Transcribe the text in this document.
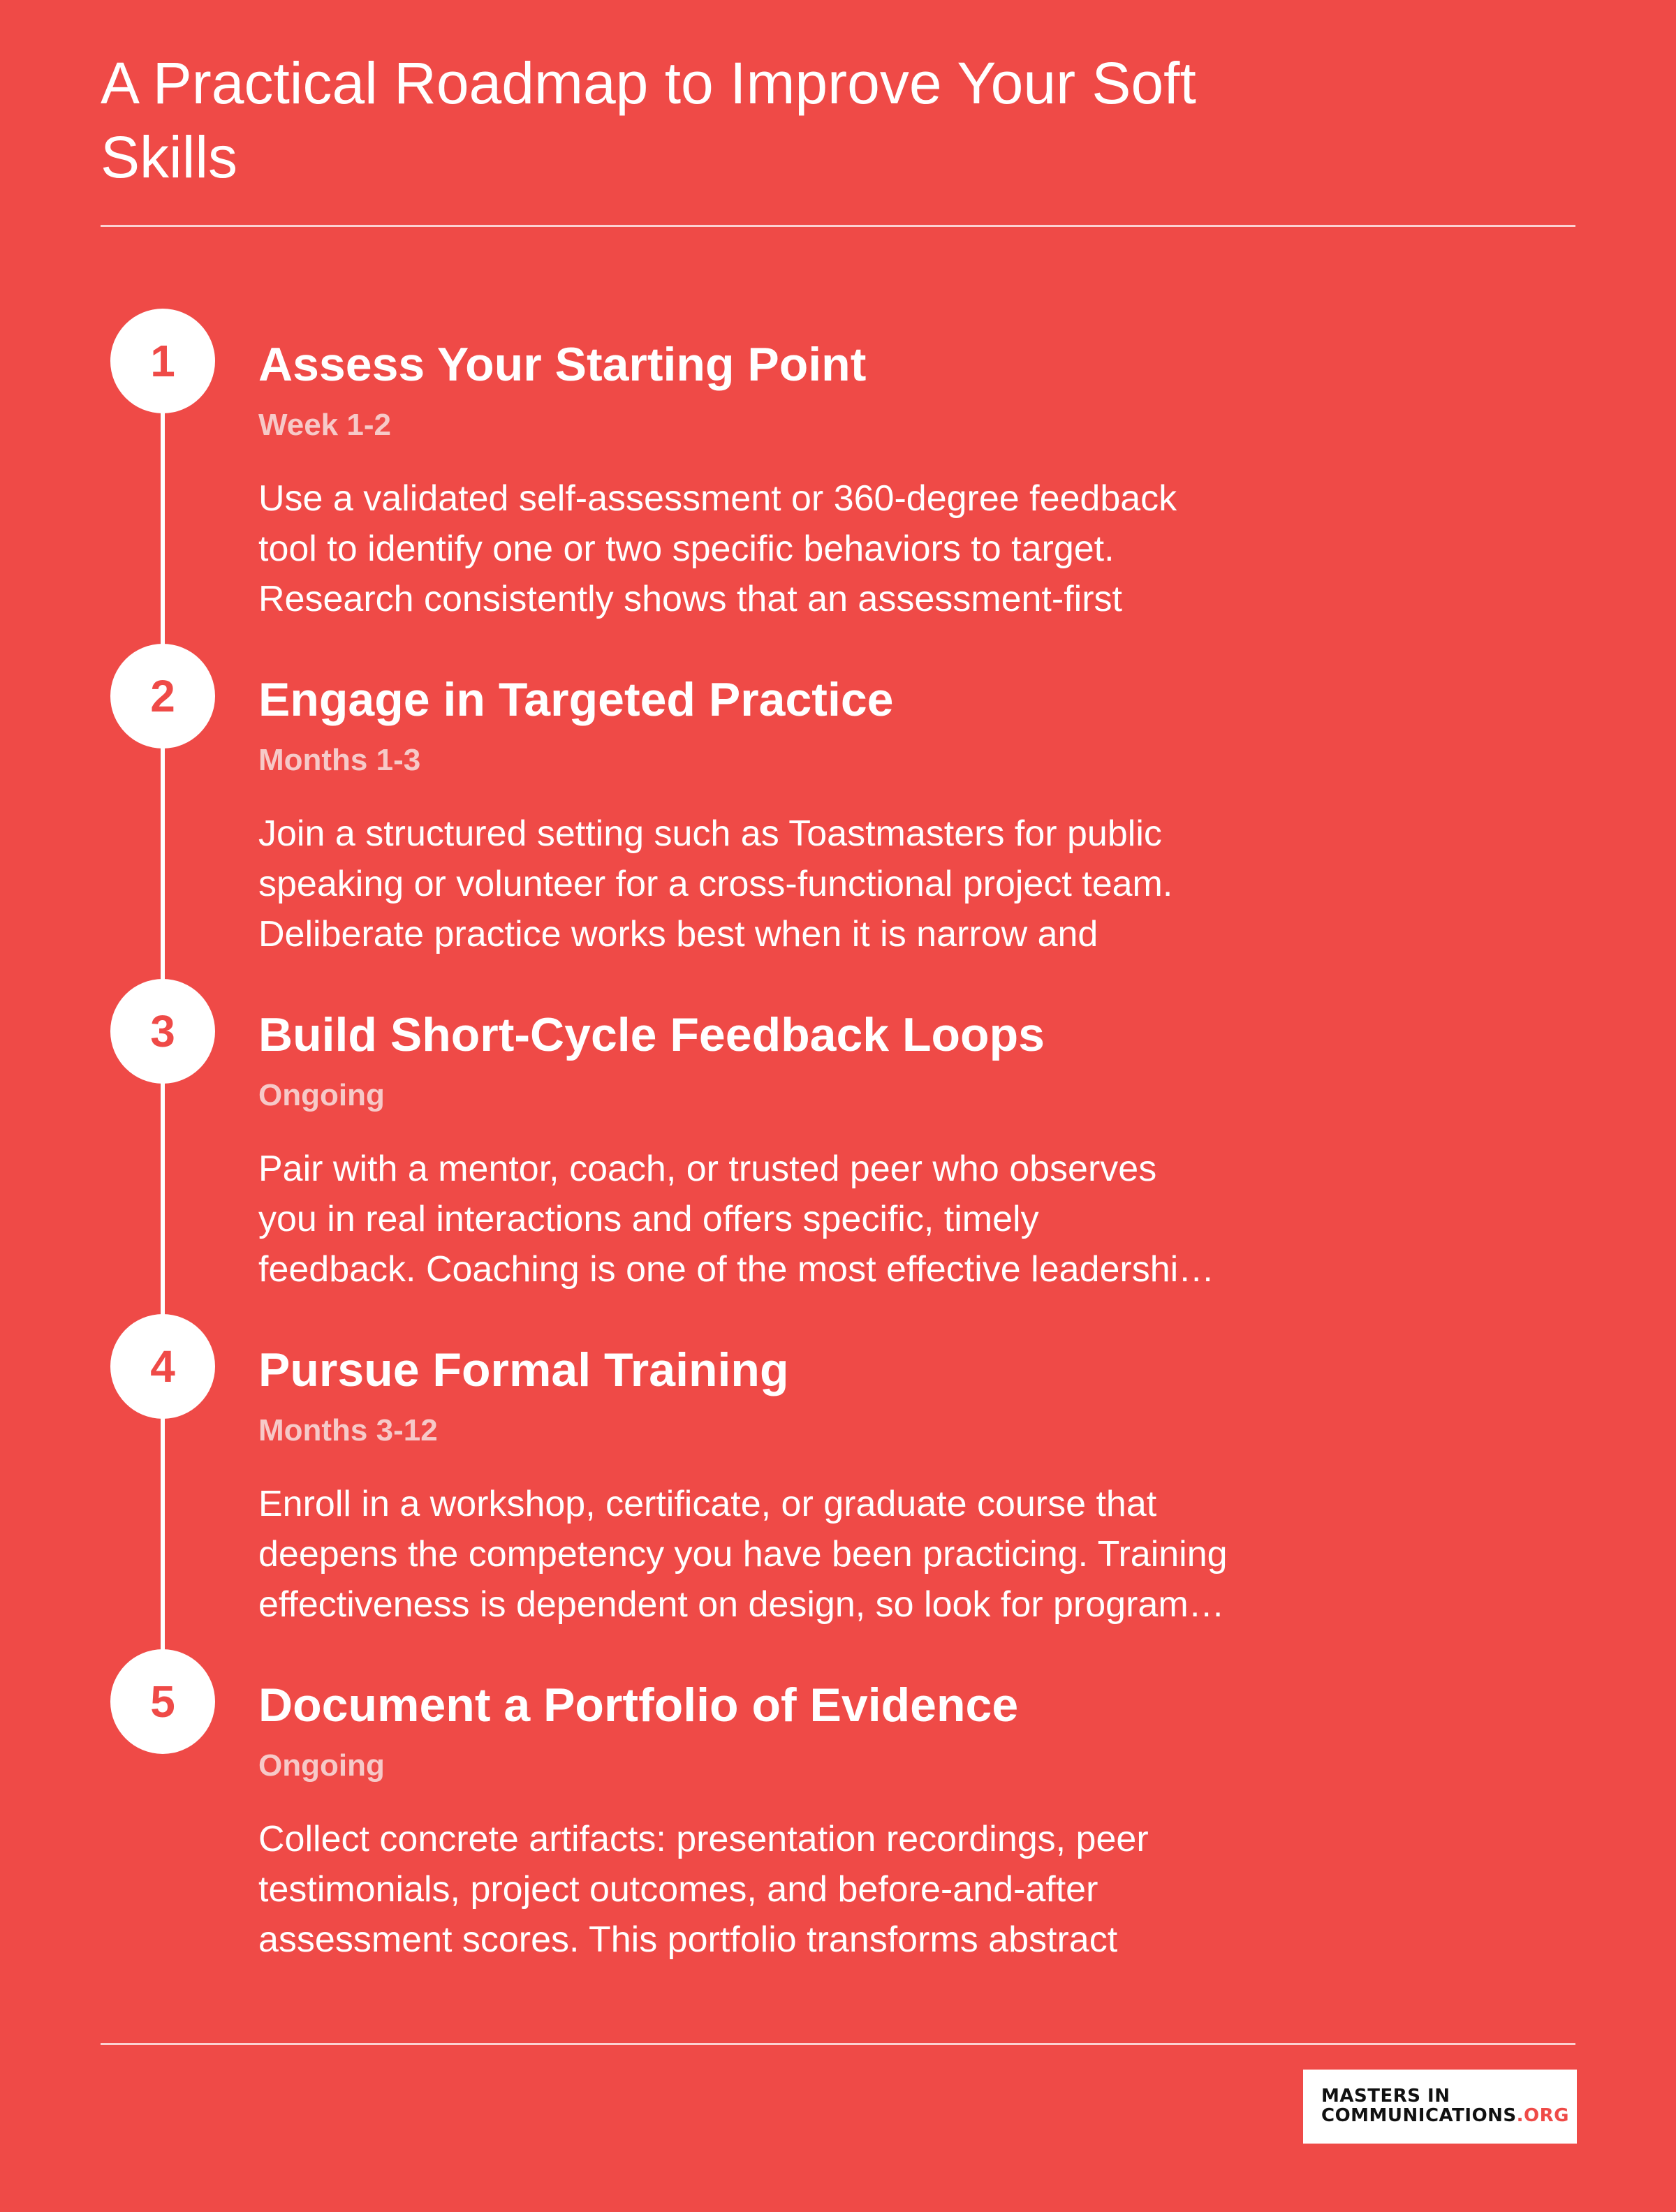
A Practical Roadmap to Improve Your Soft
Skills
1	Assess Your Starting Point
Week 1-2
Use a validated self-assessment or 360-degree feedback
tool to identify one or two specific behaviors to target.
Research consistently shows that an assessment-first
2	Engage in Targeted Practice
Months 1-3
Join a structured setting such as Toastmasters for public
speaking or volunteer for a cross-functional project team.
Deliberate practice works best when it is narrow and
3	Build Short-Cycle Feedback Loops
Ongoing
Pair with a mentor, coach, or trusted peer who observes
you in real interactions and offers specific, timely
feedback. Coaching is one of the most effective leadershi…
4	Pursue Formal Training
Months 3-12
Enroll in a workshop, certificate, or graduate course that
deepens the competency you have been practicing. Training
effectiveness is dependent on design, so look for program…
5	Document a Portfolio of Evidence
Ongoing
Collect concrete artifacts: presentation recordings, peer
testimonials, project outcomes, and before-and-after
assessment scores. This portfolio transforms abstract
MASTERS IN
COMMUNICATIONS.ORG
